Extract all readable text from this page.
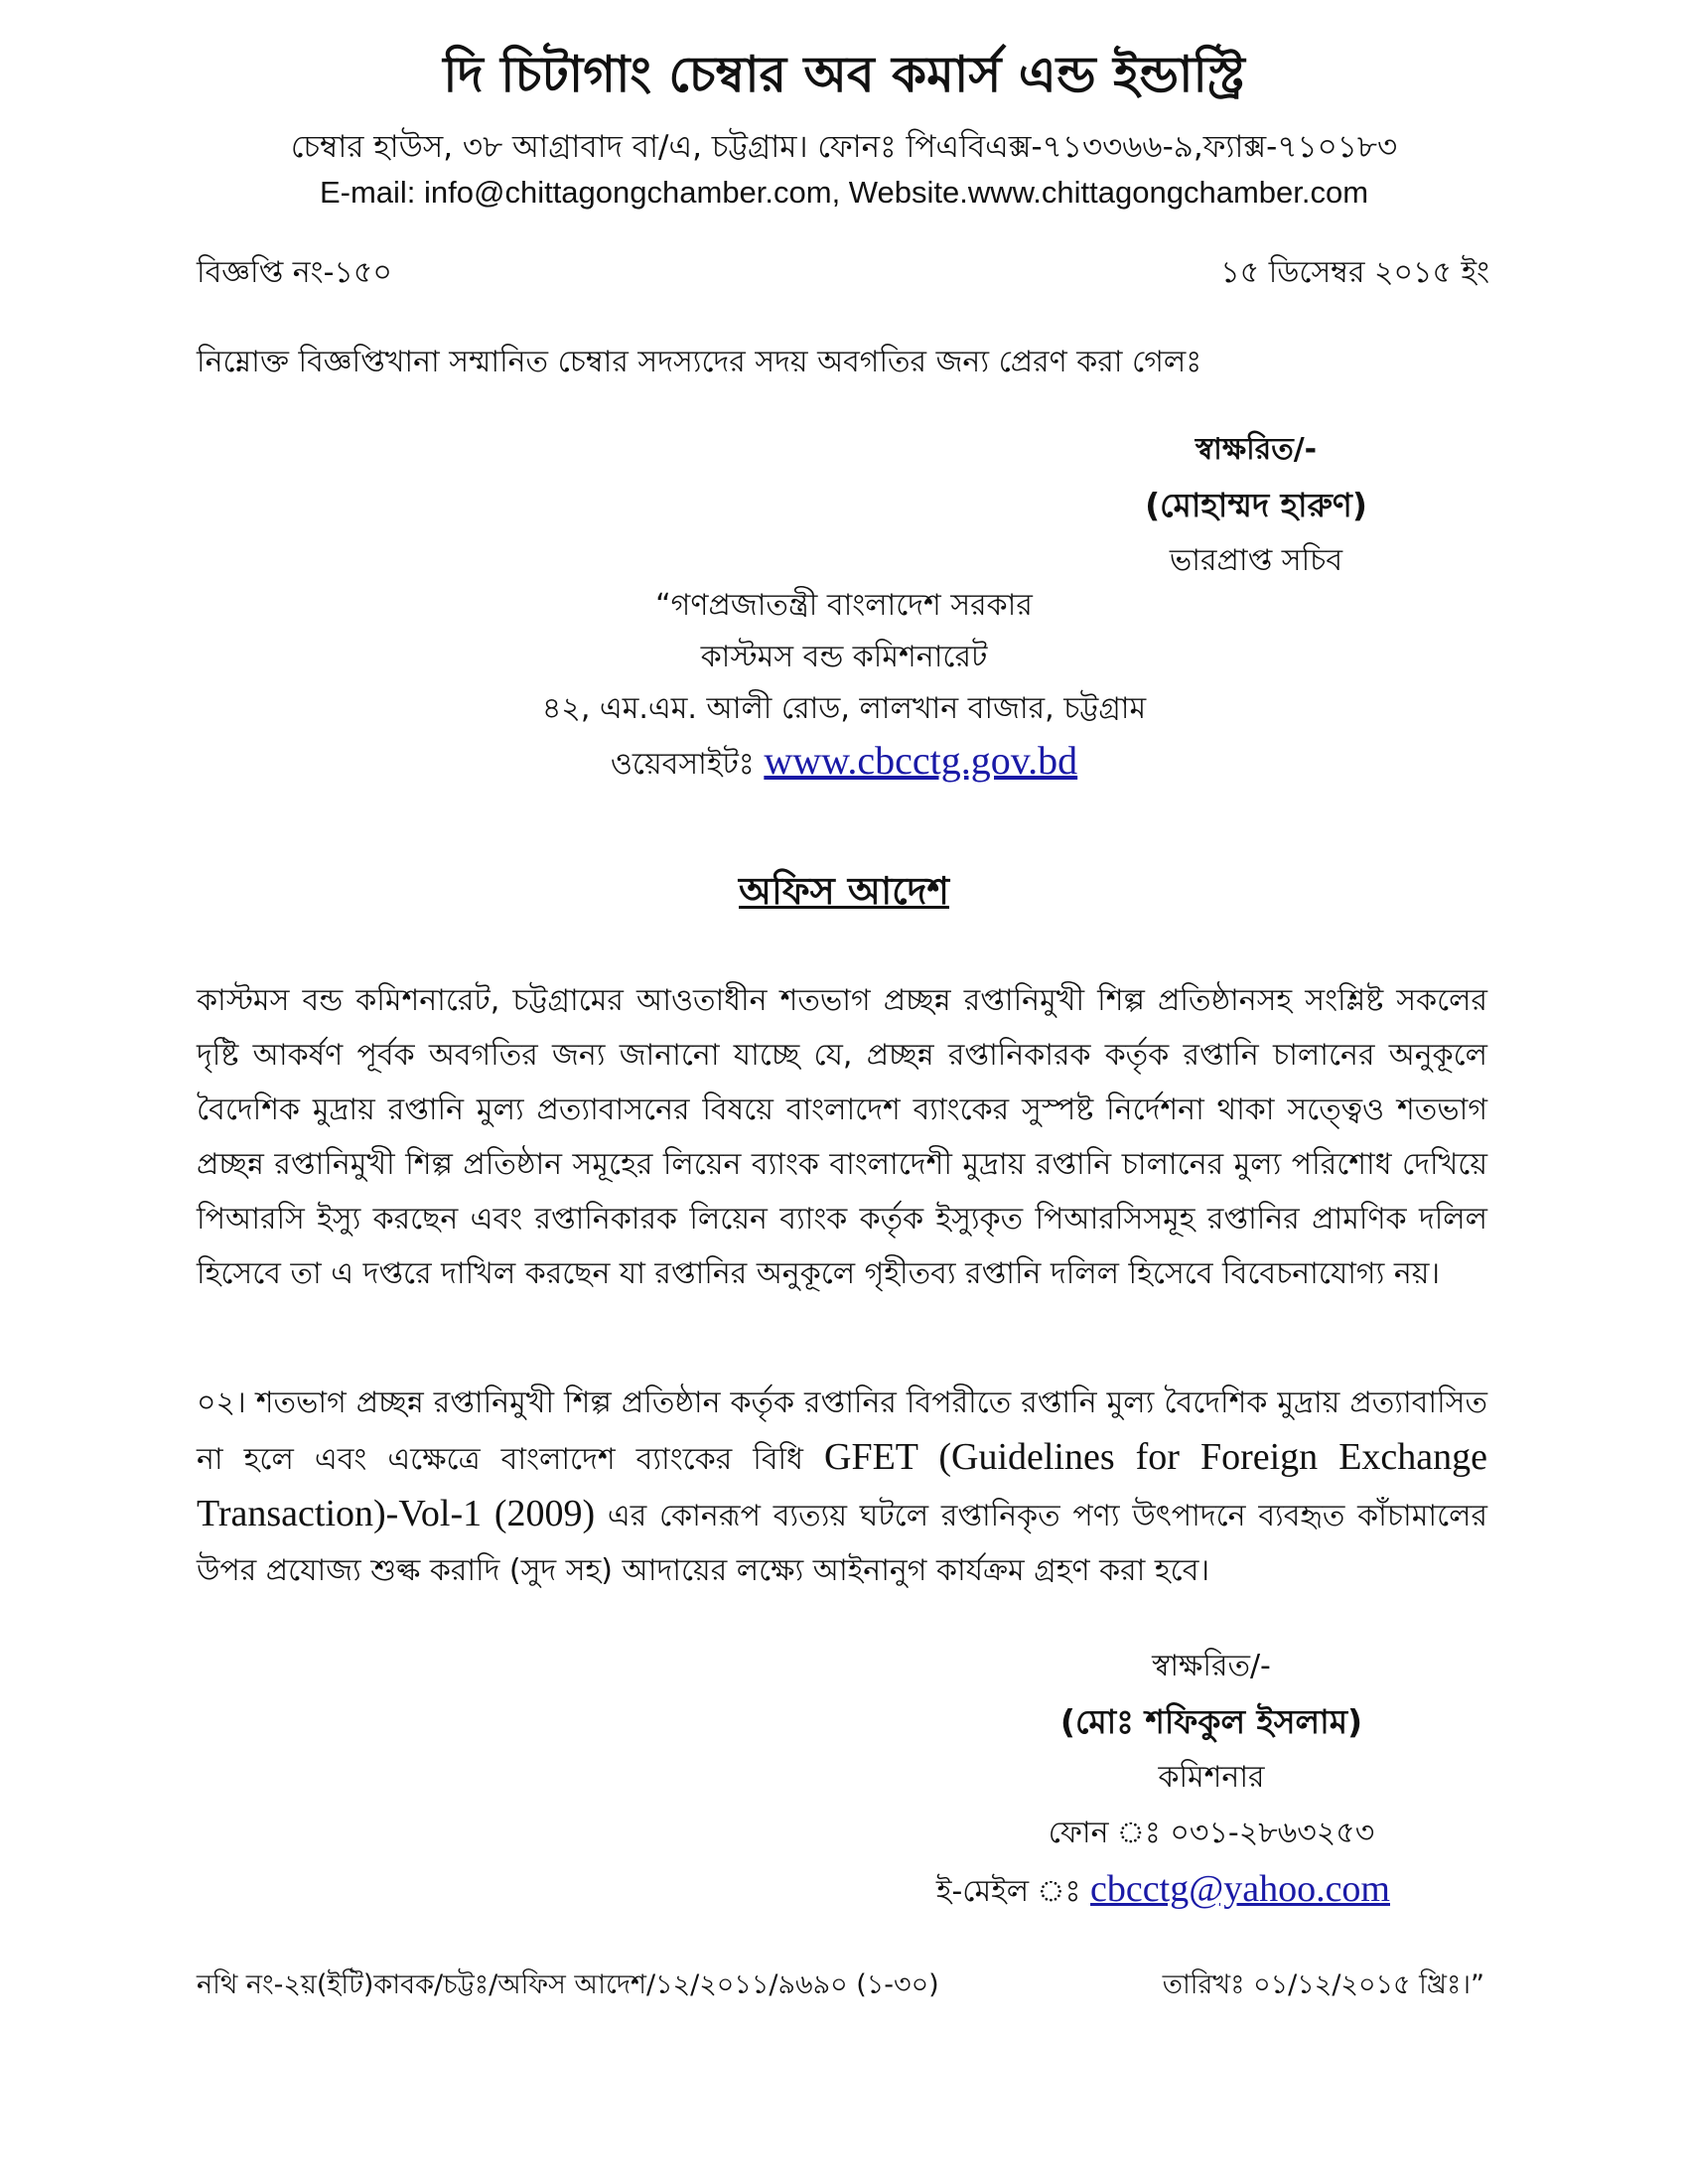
দি চিটাগাং চেম্বার অব কমার্স এন্ড ইন্ডাস্ট্রি
চেম্বার হাউস, ৩৮ আগ্রাবাদ বা/এ, চট্টগ্রাম। ফোনঃ পিএবিএক্স-৭১৩৩৬৬-৯,ফ্যাক্স-৭১০১৮৩
E-mail: info@chittagongchamber.com, Website.www.chittagongchamber.com
বিজ্ঞপ্তি নং-১৫০	১৫ ডিসেম্বর ২০১৫ ইং
নিম্নোক্ত বিজ্ঞপ্তিখানা সম্মানিত চেম্বার সদস্যদের সদয় অবগতির জন্য প্রেরণ করা গেলঃ
স্বাক্ষরিত/-
(মোহাম্মদ হারুণ)
ভারপ্রাপ্ত সচিব
“গণপ্রজাতন্ত্রী বাংলাদেশ সরকার
কাস্টমস বন্ড কমিশনারেট
৪২, এম.এম. আলী রোড, লালখান বাজার, চট্টগ্রাম
ওয়েবসাইটঃ www.cbcctg.gov.bd
অফিস আদেশ

কাস্টমস বন্ড কমিশনারেট, চট্টগ্রামের আওতাধীন শতভাগ প্রচ্ছন্ন রপ্তানিমুখী শিল্প প্রতিষ্ঠানসহ সংশ্লিষ্ট সকলের দৃষ্টি আকর্ষণ পূর্বক অবগতির জন্য জানানো যাচ্ছে যে, প্রচ্ছন্ন রপ্তানিকারক কর্তৃক রপ্তানি চালানের অনুকূলে বৈদেশিক মুদ্রায় রপ্তানি মুল্য প্রত্যাবাসনের বিষয়ে বাংলাদেশ ব্যাংকের সুস্পষ্ট নির্দেশনা থাকা সত্ত্বেও শতভাগ প্রচ্ছন্ন রপ্তানিমুখী শিল্প প্রতিষ্ঠান সমূহের লিয়েন ব্যাংক বাংলাদেশী মুদ্রায় রপ্তানি চালানের মুল্য পরিশোধ দেখিয়ে পিআরসি ইস্যু করছেন এবং রপ্তানিকারক লিয়েন ব্যাংক কর্তৃক ইস্যুকৃত পিআরসিসমূহ রপ্তানির প্রামণিক দলিল হিসেবে তা এ দপ্তরে দাখিল করছেন যা রপ্তানির অনুকূলে গৃহীতব্য রপ্তানি দলিল হিসেবে বিবেচনাযোগ্য নয়।

০২। শতভাগ প্রচ্ছন্ন রপ্তানিমুখী শিল্প প্রতিষ্ঠান কর্তৃক রপ্তানির বিপরীতে রপ্তানি মুল্য বৈদেশিক মুদ্রায় প্রত্যাবাসিত না হলে এবং এক্ষেত্রে বাংলাদেশ ব্যাংকের বিধি GFET (Guidelines for Foreign Exchange Transaction)-Vol-1 (2009) এর কোনরূপ ব্যত্যয় ঘটলে রপ্তানিকৃত পণ্য উৎপাদনে ব্যবহৃত কাঁচামালের উপর প্রযোজ্য শুল্ক করাদি (সুদ সহ) আদায়ের লক্ষ্যে আইনানুগ কার্যক্রম গ্রহণ করা হবে।

স্বাক্ষরিত/-
(মোঃ শফিকুল ইসলাম)
কমিশনার
ফোন ঃ ০৩১-২৮৬৩২৫৩
ই-মেইল ঃ cbcctg@yahoo.com
নথি নং-২য়(ইটি)কাবক/চট্টঃ/অফিস আদেশ/১২/২০১১/৯৬৯০ (১-৩০)	তারিখঃ ০১/১২/২০১৫ খ্রিঃ।”
